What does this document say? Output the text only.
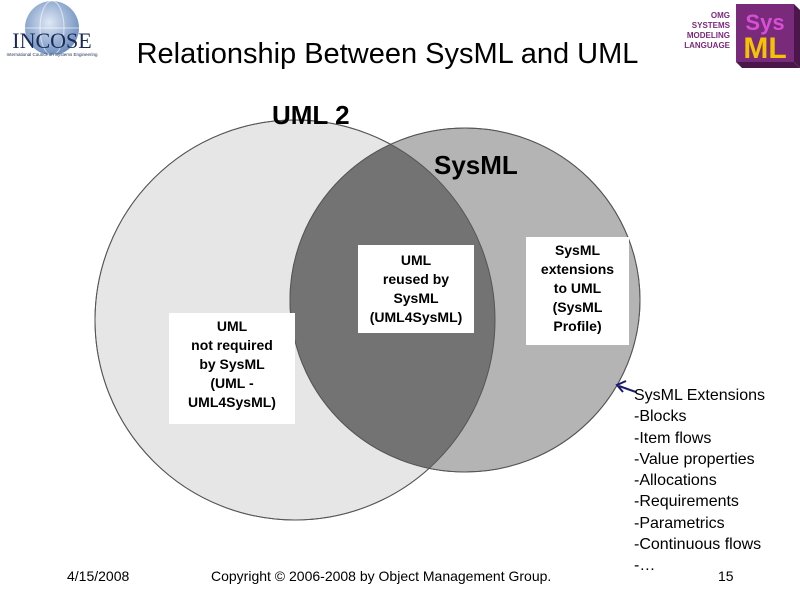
INCOSE
International Council on Systems Engineering
OMG
SYSTEMS
MODELING
LANGUAGE
Sys
ML
Relationship Between SysML and UML
UML 2
SysML
UML
not required
by SysML
(UML -
UML4SysML)
UML
reused by
SysML
(UML4SysML)
SysML
extensions
to UML
(SysML
Profile)
SysML Extensions
-Blocks
-Item flows
-Value properties
-Allocations
-Requirements
-Parametrics
-Continuous flows
-…
4/15/2008	Copyright © 2006-2008 by Object Management Group.	15
